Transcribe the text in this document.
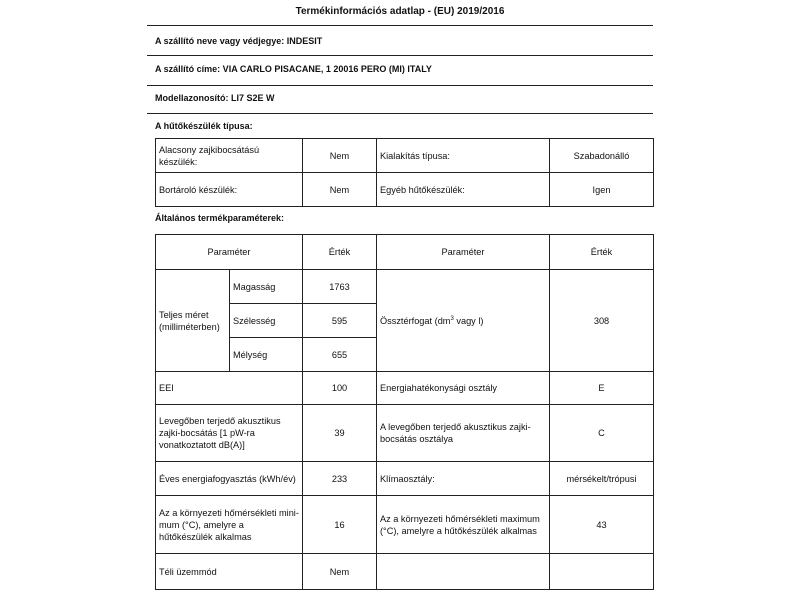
Termékinformációs adatlap - (EU) 2019/2016
A szállító neve vagy védjegye: INDESIT
A szállító címe: VIA CARLO PISACANE, 1 20016 PERO (MI) ITALY
Modellazonosító: LI7 S2E W
A hűtőkészülék típusa:
Alacsony zajkibocsátású készülék:	Nem	Kialakítás típusa:	Szabadonálló
Bortároló készülék:	Nem	Egyéb hűtőkészülék:	Igen
Általános termékparaméterek:
Paraméter		Érték	Paraméter	Érték
Teljes méret (milliméterben)	Magasság	1763	Össztérfogat ($dm^3$ vagy l)	308
	Szélesség	595		
	Mélység	655		
EEI		100	Energiahatékonysági osztály	E
Levegőben terjedő akusztikus zajki-bocsátás [1 pW-ra vonatkoztatott dB(A)]		39	A levegőben terjedő akusztikus zajki-bocsátás osztálya	C
Éves energiafogyasztás (kWh/év)		233	Klímaosztály:	mérsékelt/trópusi
Az a környezeti hőmérsékleti mini-mum (°C), amelyre a hűtőkészülék alkalmas		16	Az a környezeti hőmérsékleti maximum (°C), amelyre a hűtőkészülék alkalmas	43
Téli üzemmód		Nem		
